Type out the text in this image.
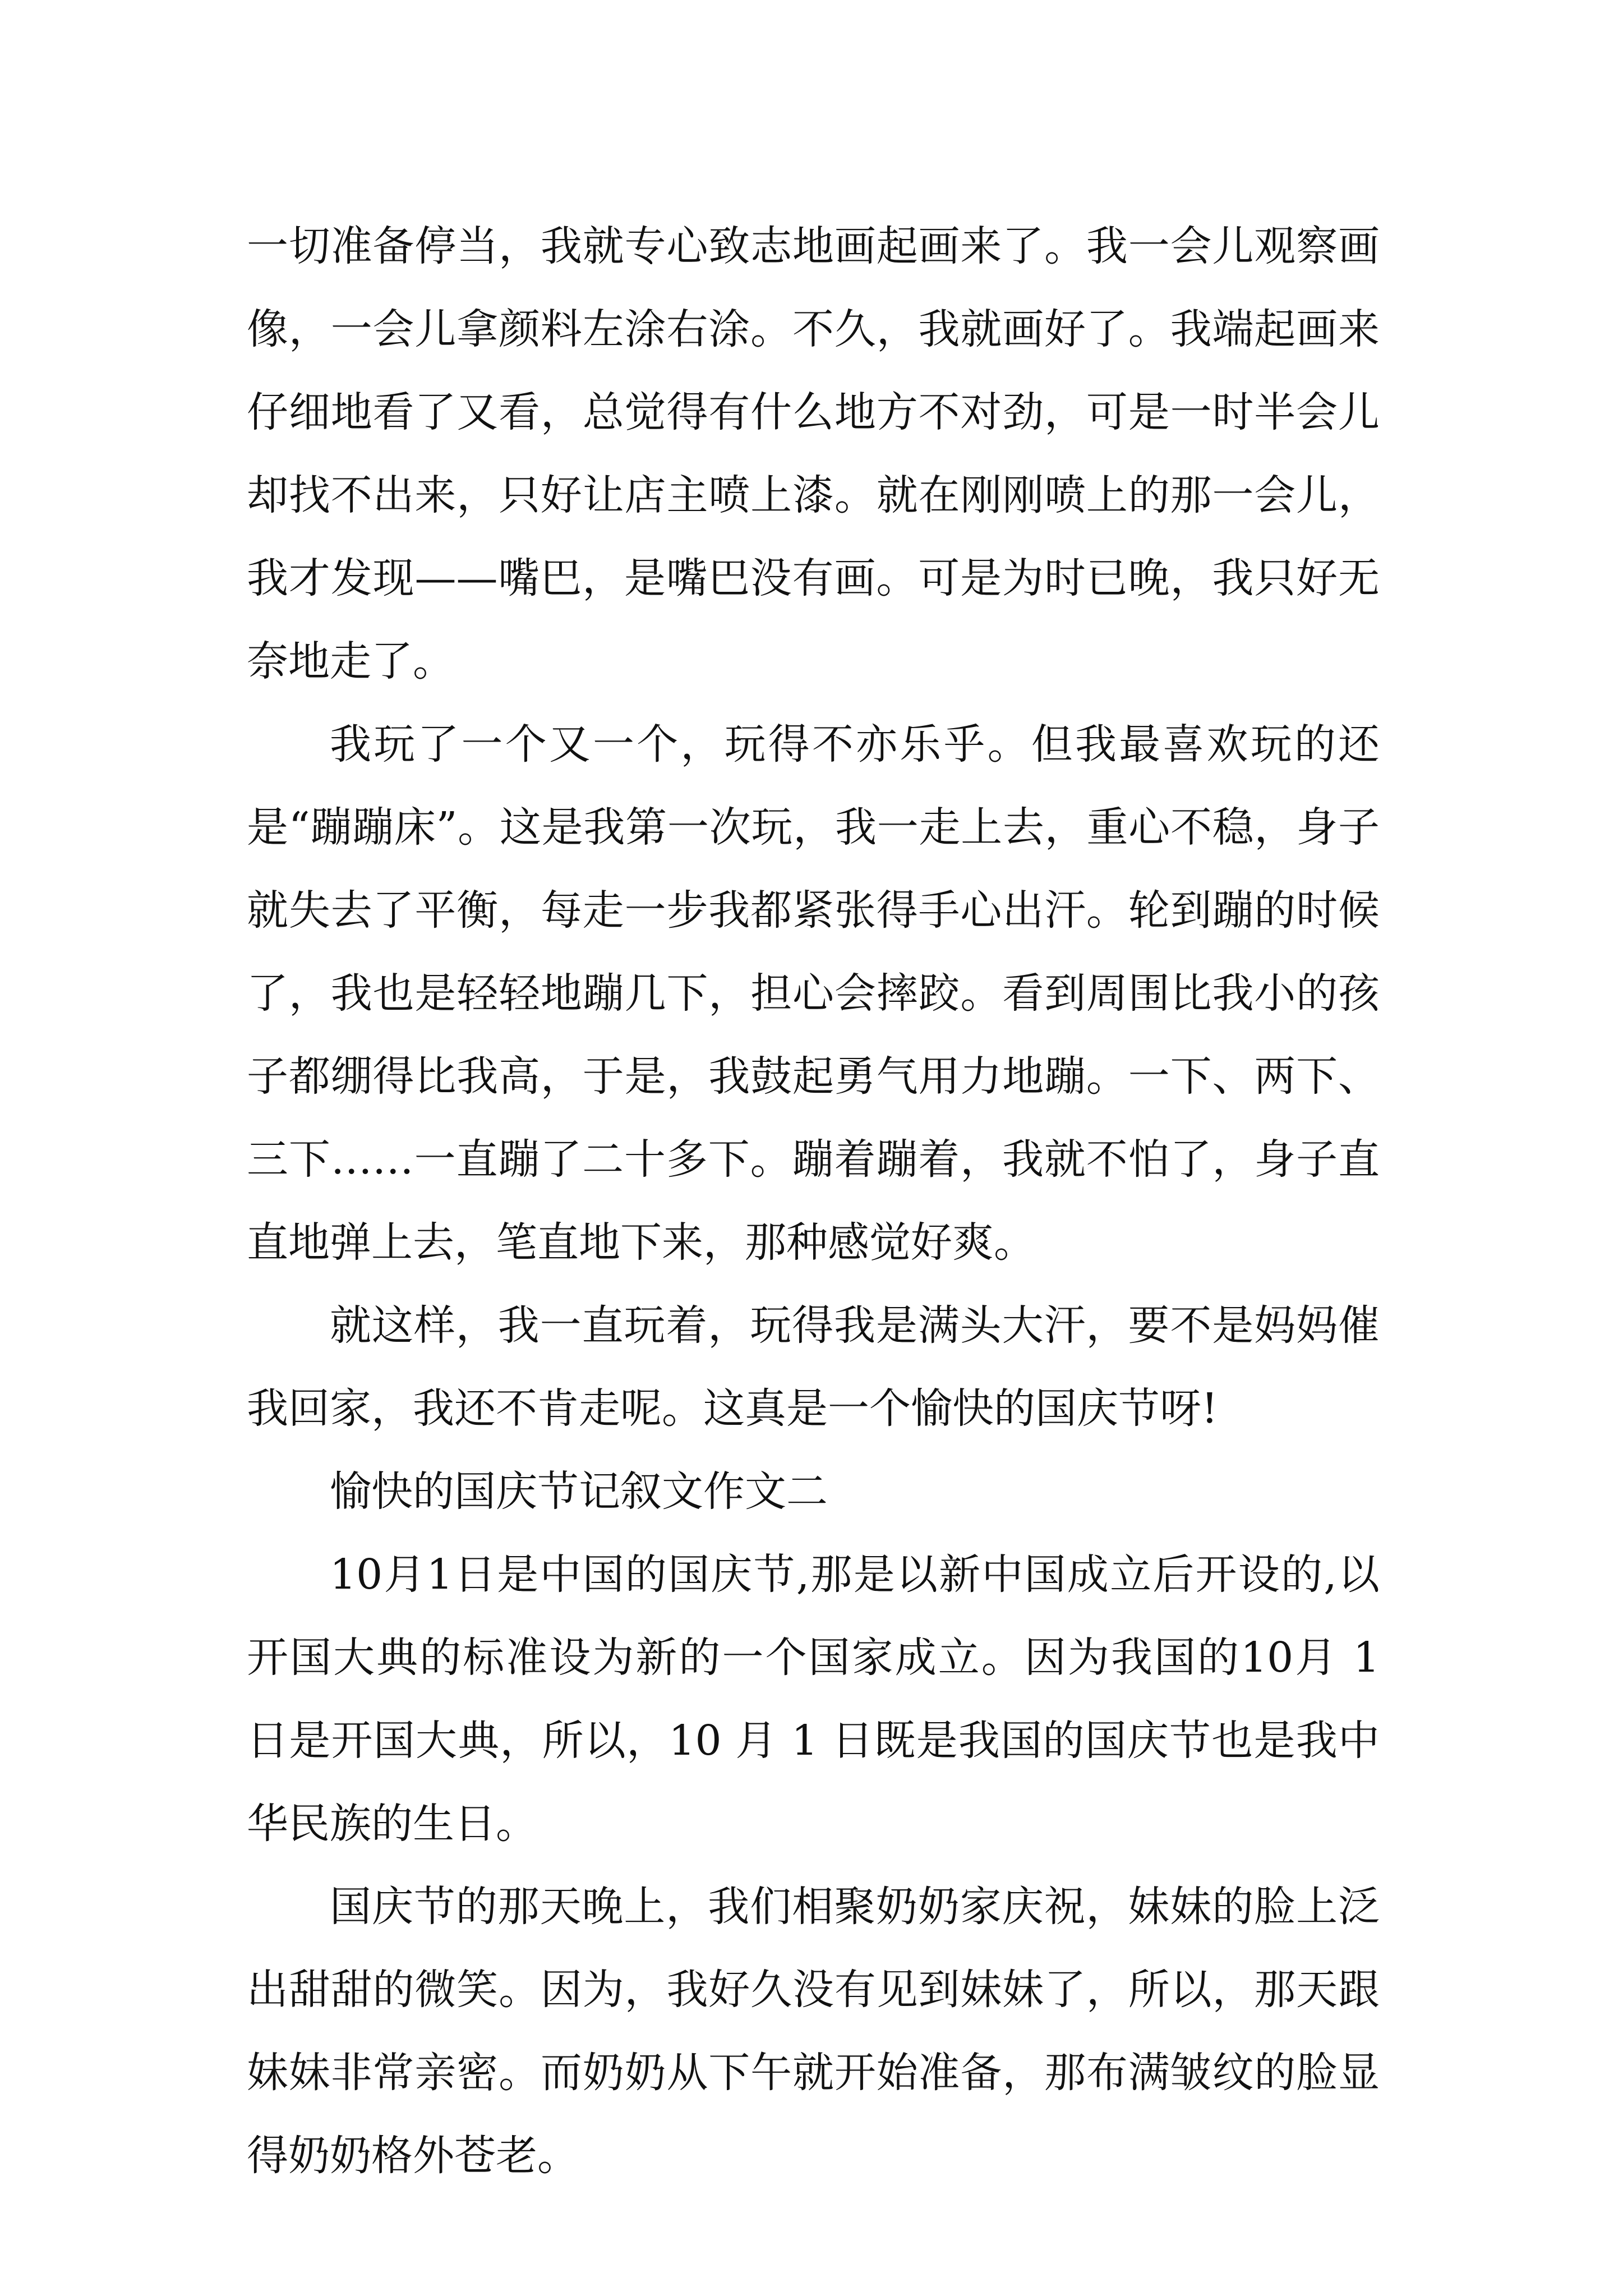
一切准备停当，我就专心致志地画起画来了。我一会儿观察画像，一会儿拿颜料左涂右涂。不久，我就画好了。我端起画来仔细地看了又看，总觉得有什么地方不对劲，可是一时半会儿却找不出来，只好让店主喷上漆。就在刚刚喷上的那一会儿，我才发现——嘴巴，是嘴巴没有画。可是为时已晚，我只好无奈地走了。

我玩了一个又一个，玩得不亦乐乎。但我最喜欢玩的还是“蹦蹦床”。这是我第一次玩，我一走上去，重心不稳，身子就失去了平衡，每走一步我都紧张得手心出汗。轮到蹦的时候了，我也是轻轻地蹦几下，担心会摔跤。看到周围比我小的孩子都绷得比我高，于是，我鼓起勇气用力地蹦。一下、两下、三下……一直蹦了二十多下。蹦着蹦着，我就不怕了，身子直直地弹上去，笔直地下来，那种感觉好爽。

就这样，我一直玩着，玩得我是满头大汗，要不是妈妈催我回家，我还不肯走呢。这真是一个愉快的国庆节呀!

愉快的国庆节记叙文作文二

10月1日是中国的国庆节,那是以新中国成立后开设的,以开国大典的标准设为新的一个国家成立。因为我国的10月 1 日是开国大典，所以，10 月 1 日既是我国的国庆节也是我中华民族的生日。

国庆节的那天晚上，我们相聚奶奶家庆祝，妹妹的脸上泛出甜甜的微笑。因为，我好久没有见到妹妹了，所以，那天跟妹妹非常亲密。而奶奶从下午就开始准备，那布满皱纹的脸显得奶奶格外苍老。
